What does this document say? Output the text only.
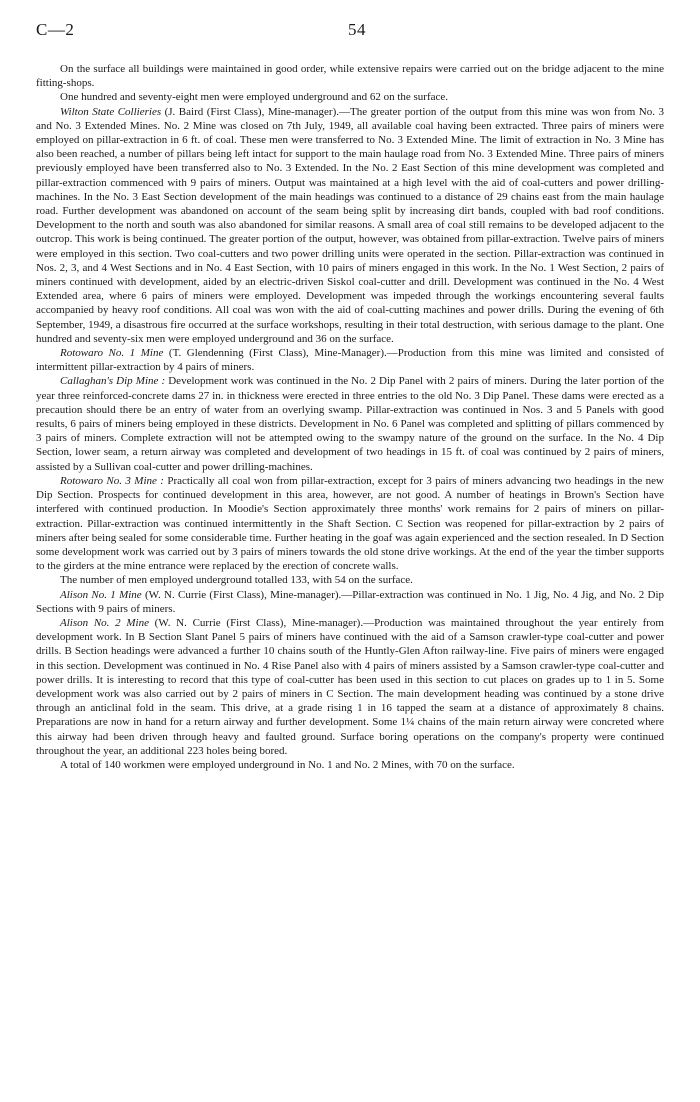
C—2	54

On the surface all buildings were maintained in good order, while extensive repairs were carried out on the bridge adjacent to the mine fitting-shops.

One hundred and seventy-eight men were employed underground and 62 on the surface.

Wilton State Collieries (J. Baird (First Class), Mine-manager).—The greater portion of the output from this mine was won from No. 3 and No. 3 Extended Mines. No. 2 Mine was closed on 7th July, 1949, all available coal having been extracted. Three pairs of miners were employed on pillar-extraction in 6 ft. of coal. These men were transferred to No. 3 Extended Mine. The limit of extraction in No. 3 Mine has also been reached, a number of pillars being left intact for support to the main haulage road from No. 3 Extended Mine. Three pairs of miners previously employed have been transferred also to No. 3 Extended. In the No. 2 East Section of this mine development was completed and pillar-extraction commenced with 9 pairs of miners. Output was maintained at a high level with the aid of coal-cutters and power drilling-machines. In the No. 3 East Section development of the main headings was continued to a distance of 29 chains east from the main haulage road. Further development was abandoned on account of the seam being split by increasing dirt bands, coupled with bad roof conditions. Development to the north and south was also abandoned for similar reasons. A small area of coal still remains to be developed adjacent to the outcrop. This work is being continued. The greater portion of the output, however, was obtained from pillar-extraction. Twelve pairs of miners were employed in this section. Two coal-cutters and two power drilling units were operated in the section. Pillar-extraction was continued in Nos. 2, 3, and 4 West Sections and in No. 4 East Section, with 10 pairs of miners engaged in this work. In the No. 1 West Section, 2 pairs of miners continued with development, aided by an electric-driven Siskol coal-cutter and drill. Development was continued in the No. 4 West Extended area, where 6 pairs of miners were employed. Development was impeded through the workings encountering several faults accompanied by heavy roof conditions. All coal was won with the aid of coal-cutting machines and power drills. During the evening of 6th September, 1949, a disastrous fire occurred at the surface workshops, resulting in their total destruction, with serious damage to the plant. One hundred and seventy-six men were employed underground and 36 on the surface.

Rotowaro No. 1 Mine (T. Glendenning (First Class), Mine-Manager).—Production from this mine was limited and consisted of intermittent pillar-extraction by 4 pairs of miners.

Callaghan's Dip Mine : Development work was continued in the No. 2 Dip Panel with 2 pairs of miners. During the later portion of the year three reinforced-concrete dams 27 in. in thickness were erected in three entries to the old No. 3 Dip Panel. These dams were erected as a precaution should there be an entry of water from an overlying swamp. Pillar-extraction was continued in Nos. 3 and 5 Panels with good results, 6 pairs of miners being employed in these districts. Development in No. 6 Panel was completed and splitting of pillars commenced by 3 pairs of miners. Complete extraction will not be attempted owing to the swampy nature of the ground on the surface. In the No. 4 Dip Section, lower seam, a return airway was completed and development of two headings in 15 ft. of coal was continued by 2 pairs of miners, assisted by a Sullivan coal-cutter and power drilling-machines.

Rotowaro No. 3 Mine : Practically all coal won from pillar-extraction, except for 3 pairs of miners advancing two headings in the new Dip Section. Prospects for continued development in this area, however, are not good. A number of heatings in Brown's Section have interfered with continued production. In Moodie's Section approximately three months' work remains for 2 pairs of miners on pillar-extraction. Pillar-extraction was continued intermittently in the Shaft Section. C Section was reopened for pillar-extraction by 2 pairs of miners after being sealed for some considerable time. Further heating in the goaf was again experienced and the section resealed. In D Section some development work was carried out by 3 pairs of miners towards the old stone drive workings. At the end of the year the timber supports to the girders at the mine entrance were replaced by the erection of concrete walls.

The number of men employed underground totalled 133, with 54 on the surface.

Alison No. 1 Mine (W. N. Currie (First Class), Mine-manager).—Pillar-extraction was continued in No. 1 Jig, No. 4 Jig, and No. 2 Dip Sections with 9 pairs of miners.

Alison No. 2 Mine (W. N. Currie (First Class), Mine-manager).—Production was maintained throughout the year entirely from development work. In B Section Slant Panel 5 pairs of miners have continued with the aid of a Samson crawler-type coal-cutter and power drills. B Section headings were advanced a further 10 chains south of the Huntly-Glen Afton railway-line. Five pairs of miners were engaged in this section. Development was continued in No. 4 Rise Panel also with 4 pairs of miners assisted by a Samson crawler-type coal-cutter and power drills. It is interesting to record that this type of coal-cutter has been used in this section to cut places on grades up to 1 in 5. Some development work was also carried out by 2 pairs of miners in C Section. The main development heading was continued by a stone drive through an anticlinal fold in the seam. This drive, at a grade rising 1 in 16 tapped the seam at a distance of approximately 8 chains. Preparations are now in hand for a return airway and further development. Some 1¼ chains of the main return airway were concreted where this airway had been driven through heavy and faulted ground. Surface boring operations on the company's property were continued throughout the year, an additional 223 holes being bored.

A total of 140 workmen were employed underground in No. 1 and No. 2 Mines, with 70 on the surface.
